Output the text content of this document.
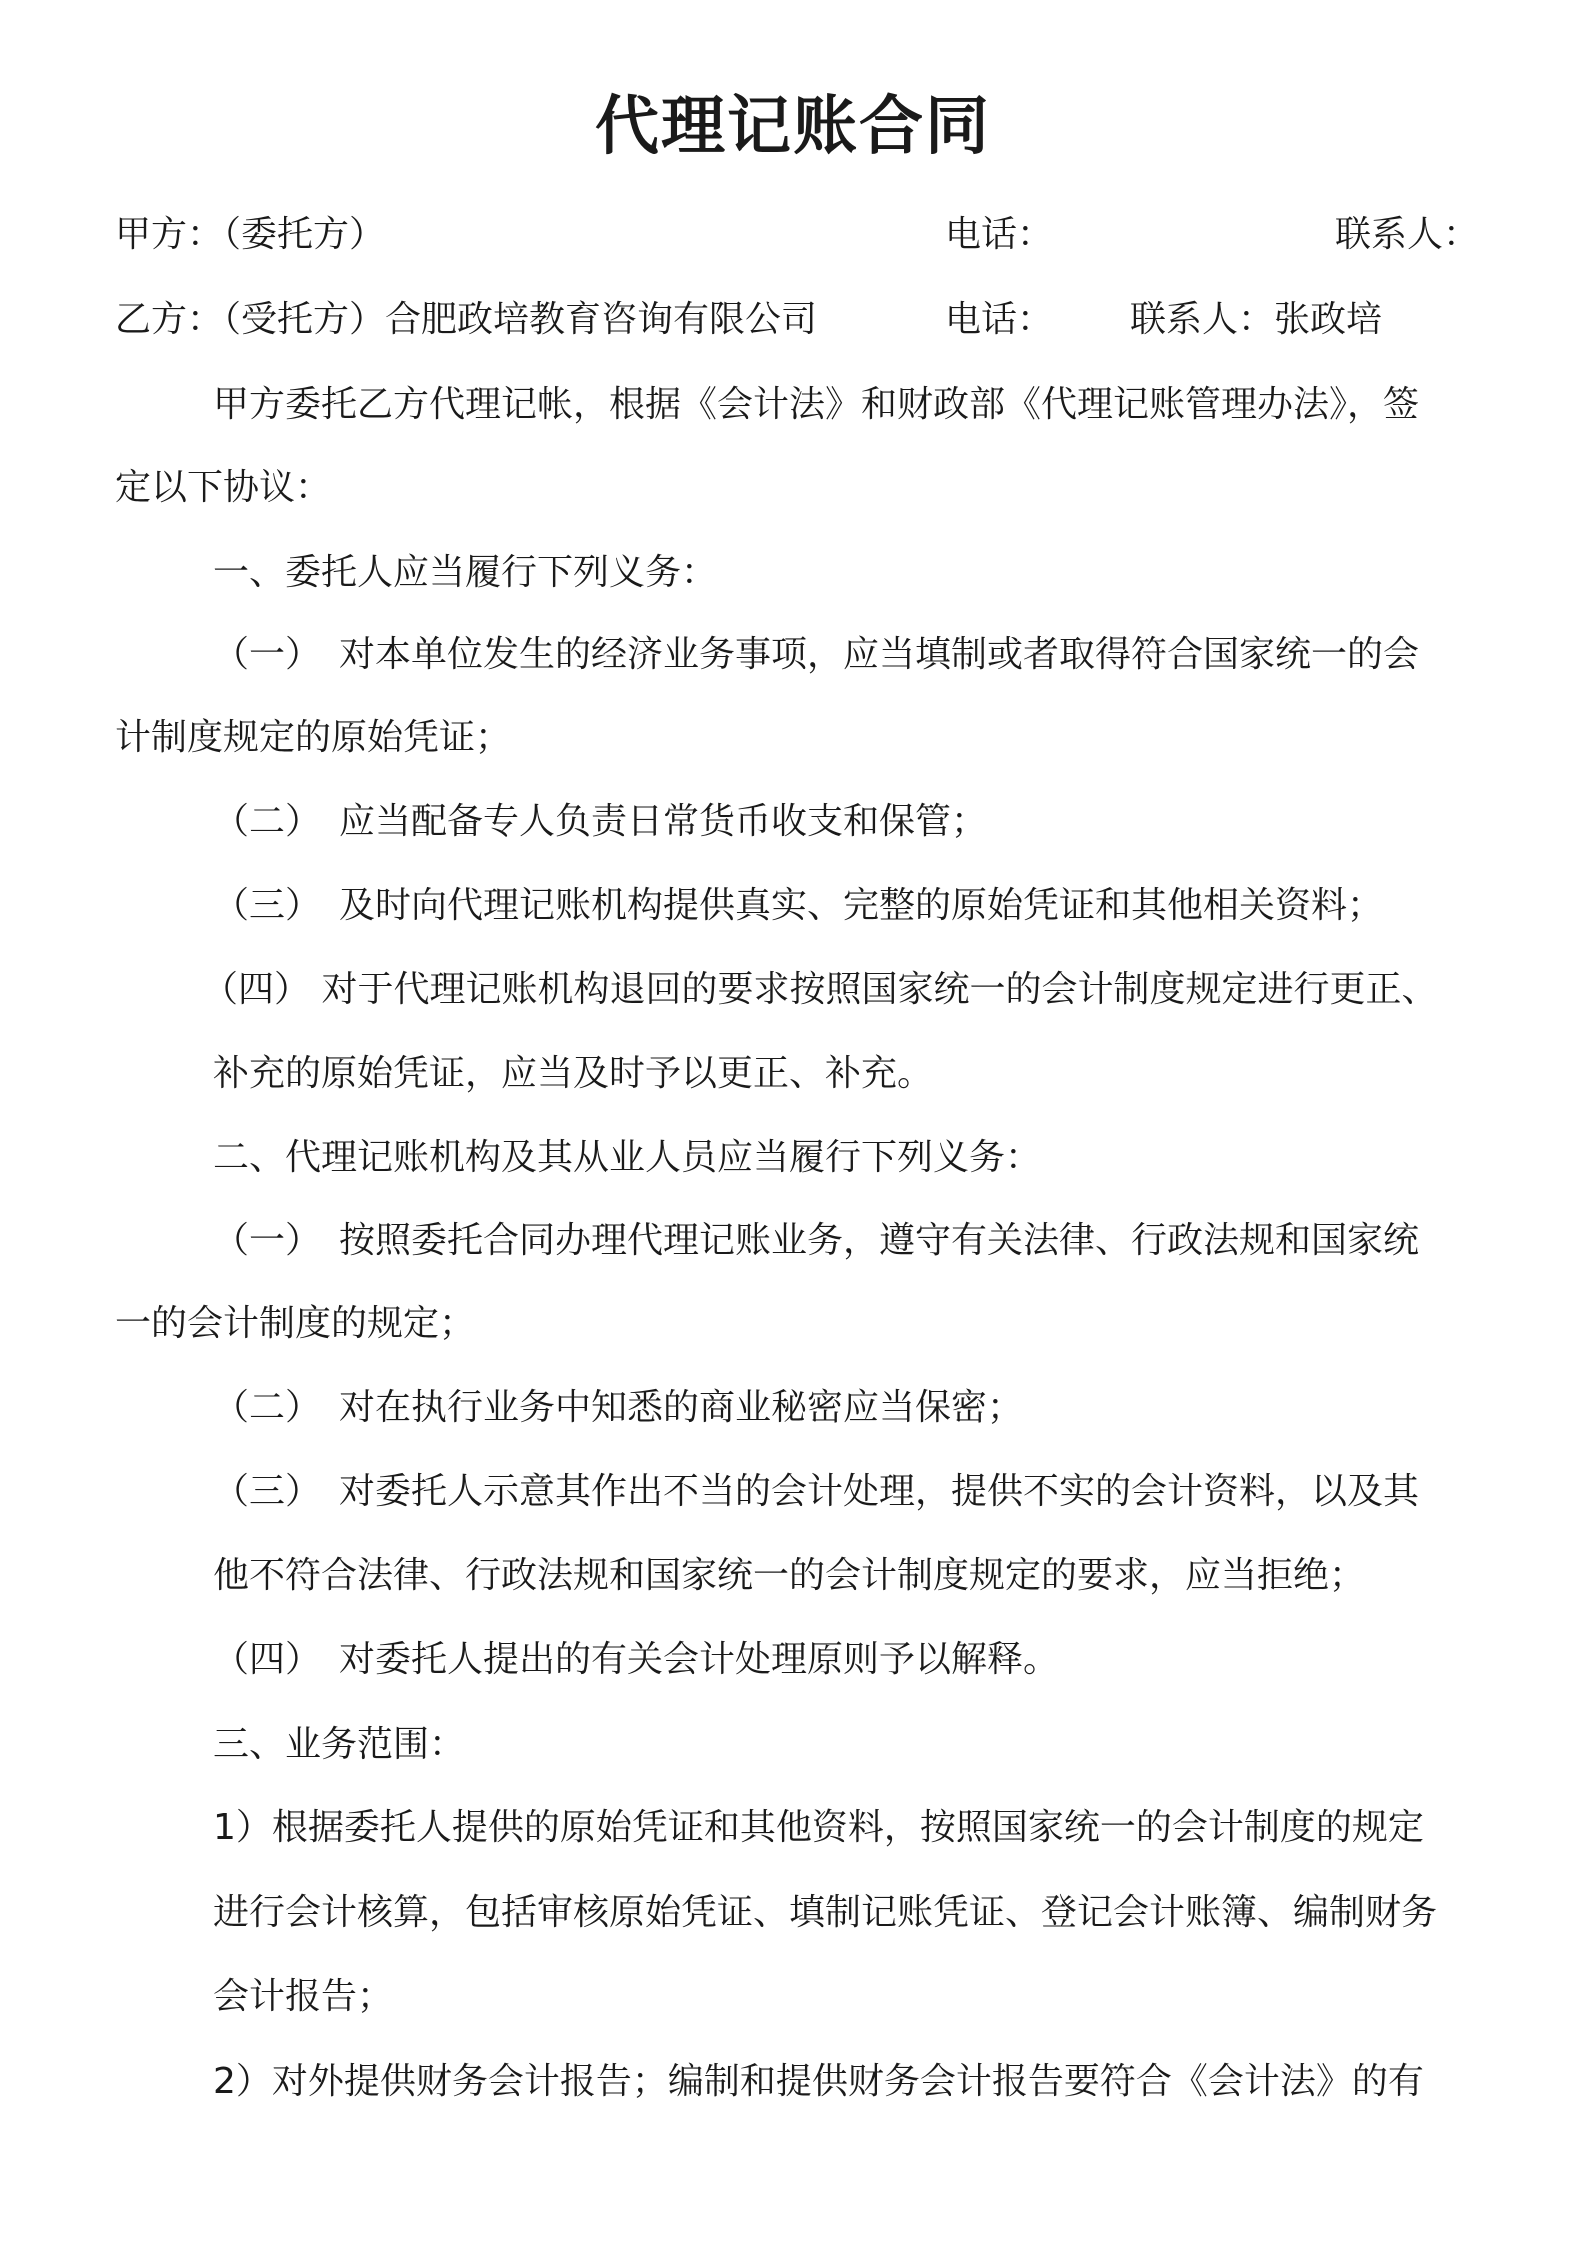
代理记账合同
甲方：（委托方）	电话：	联系人：
乙方：（受托方）合肥政培教育咨询有限公司	电话： 联系人：张政培
甲方委托乙方代理记帐，根据《会计法》和财政部《代理记账管理办法》，签
定以下协议：
一、委托人应当履行下列义务：
（一）　对本单位发生的经济业务事项，应当填制或者取得符合国家统一的会
计制度规定的原始凭证；
（二）　应当配备专人负责日常货币收支和保管；
（三）　及时向代理记账机构提供真实、完整的原始凭证和其他相关资料；
（四） 对于代理记账机构退回的要求按照国家统一的会计制度规定进行更正、
补充的原始凭证，应当及时予以更正、补充。
二、代理记账机构及其从业人员应当履行下列义务：
（一）　按照委托合同办理代理记账业务，遵守有关法律、行政法规和国家统
一的会计制度的规定；
（二）　对在执行业务中知悉的商业秘密应当保密；
（三）　对委托人示意其作出不当的会计处理，提供不实的会计资料，以及其
他不符合法律、行政法规和国家统一的会计制度规定的要求，应当拒绝；
（四）　对委托人提出的有关会计处理原则予以解释。
三、业务范围：
1）根据委托人提供的原始凭证和其他资料，按照国家统一的会计制度的规定
进行会计核算，包括审核原始凭证、填制记账凭证、登记会计账簿、编制财务
会计报告；
2）对外提供财务会计报告；编制和提供财务会计报告要符合《会计法》的有
